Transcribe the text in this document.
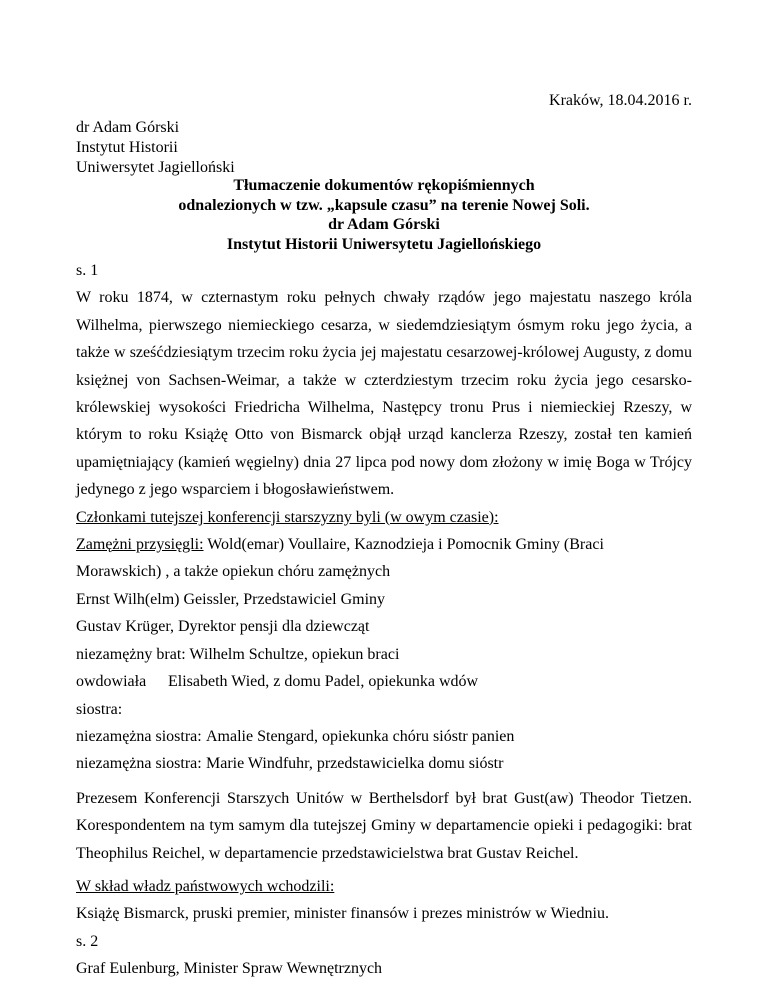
Kraków, 18.04.2016 r.
dr Adam Górski
Instytut Historii
Uniwersytet Jagielloński
Tłumaczenie dokumentów rękopiśmiennych
odnalezionych w tzw. „kapsule czasu” na terenie Nowej Soli.
dr Adam Górski
Instytut Historii Uniwersytetu Jagiellońskiego

s. 1

W roku 1874, w czternastym roku pełnych chwały rządów jego majestatu naszego króla Wilhelma, pierwszego niemieckiego cesarza, w siedemdziesiątym ósmym roku jego życia, a także w sześćdziesiątym trzecim roku życia jej majestatu cesarzowej-królowej Augusty, z domu księżnej von Sachsen-Weimar, a także w czterdziestym trzecim roku życia jego cesarsko-królewskiej wysokości Friedricha Wilhelma, Następcy tronu Prus i niemieckiej Rzeszy, w którym to roku Książę Otto von Bismarck objął urząd kanclerza Rzeszy, został ten kamień upamiętniający (kamień węgielny) dnia 27 lipca pod nowy dom złożony w imię Boga w Trójcy jedynego z jego wsparciem i błogosławieństwem.

Członkami tutejszej konferencji starszyzny byli (w owym czasie):

Zamężni przysięgli: Wold(emar) Voullaire, Kaznodzieja i Pomocnik Gminy (Braci Morawskich) , a także opiekun chóru zamężnych

Ernst Wilh(elm) Geissler, Przedstawiciel Gminy

Gustav Krüger, Dyrektor pensji dla dziewcząt

niezamężny brat: Wilhelm Schultze, opiekun braci

owdowiała siostra:
Elisabeth Wied, z domu Padel, opiekunka wdów
niezamężna siostra: Amalie Stengard, opiekunka chóru sióstr panien
niezamężna siostra: Marie Windfuhr, przedstawicielka domu sióstr

Prezesem Konferencji Starszych Unitów w Berthelsdorf był brat Gust(aw) Theodor Tietzen. Korespondentem na tym samym dla tutejszej Gminy w departamencie opieki i pedagogiki: brat Theophilus Reichel, w departamencie przedstawicielstwa brat Gustav Reichel.

W skład władz państwowych wchodzili:

Książę Bismarck, pruski premier, minister finansów i prezes ministrów w Wiedniu.

s. 2

Graf Eulenburg, Minister Spraw Wewnętrznych
